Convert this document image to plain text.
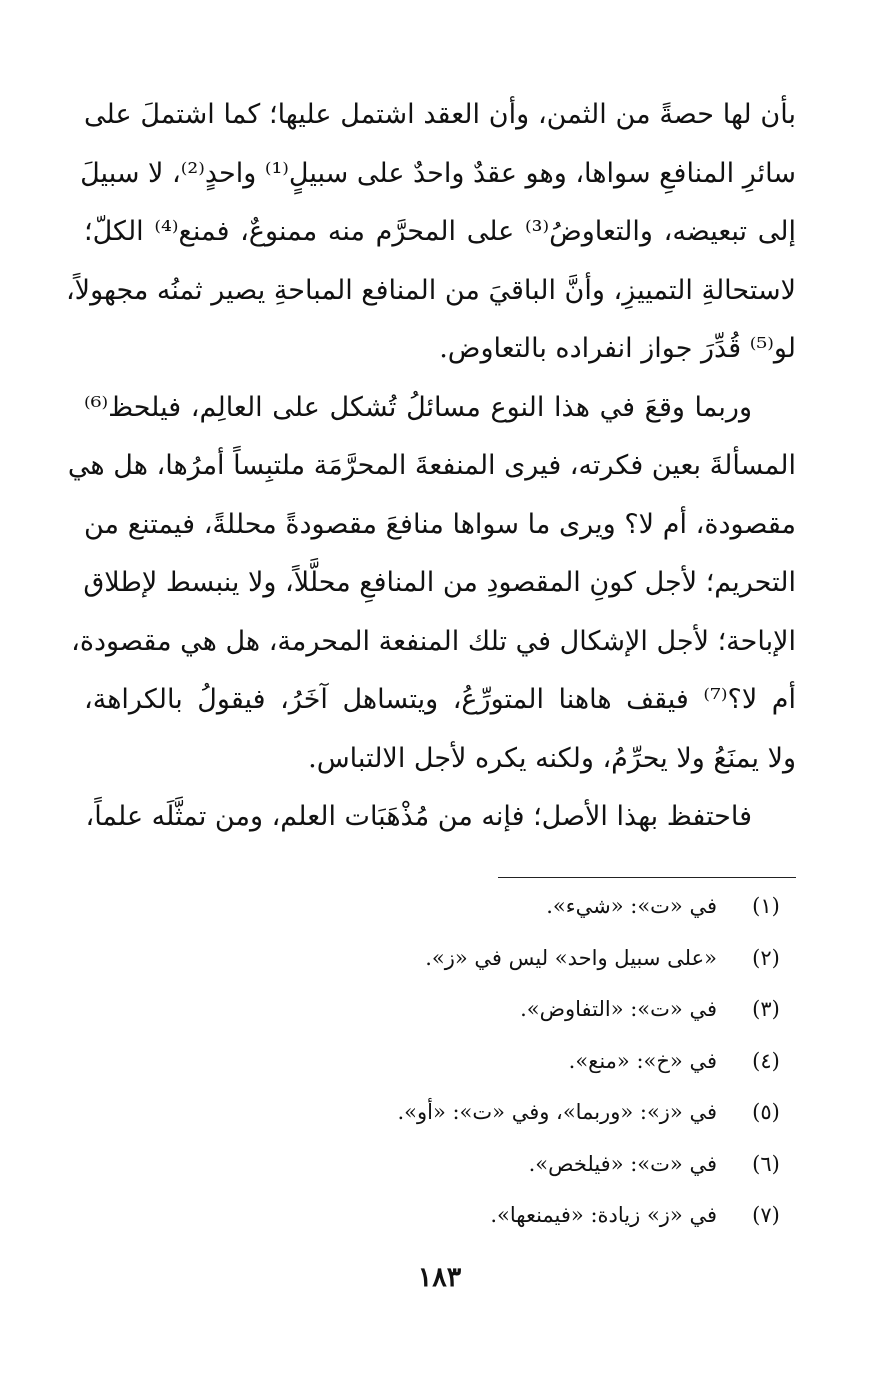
بأن لها حصةً من الثمن، وأن العقد اشتمل عليها؛ كما اشتملَ على
سائرِ المنافعِ سواها، وهو عقدٌ واحدٌ على سبيلٍ⁽¹⁾ واحدٍ⁽²⁾، لا سبيلَ
إلى تبعيضه، والتعاوضُ⁽³⁾ على المحرَّم منه ممنوعٌ، فمنع⁽⁴⁾ الكلّ؛
لاستحالةِ التمييزِ، وأنَّ الباقيَ من المنافع المباحةِ يصير ثمنُه مجهولاً،
لو⁽⁵⁾ قُدِّرَ جواز انفراده بالتعاوض.

وربما وقعَ في هذا النوع مسائلُ تُشكل على العالِم، فيلحظ⁽⁶⁾
المسألةَ بعين فكرته، فيرى المنفعةَ المحرَّمَة ملتبِساً أمرُها، هل هي
مقصودة، أم لا؟ ويرى ما سواها منافعَ مقصودةً محللةً، فيمتنع من
التحريم؛ لأجل كونِ المقصودِ من المنافعِ محلَّلاً، ولا ينبسط لإطلاق
الإباحة؛ لأجل الإشكال في تلك المنفعة المحرمة، هل هي مقصودة،
أم لا؟⁽⁷⁾ فيقف هاهنا المتورِّعُ، ويتساهل آخَرُ، فيقولُ بالكراهة،
ولا يمنَعُ ولا يحرِّمُ، ولكنه يكره لأجل الالتباس.

فاحتفظ بهذا الأصل؛ فإنه من مُذْهَبَات العلم، ومن تمثَّلَه علماً،

(١)
في «ت»: «شيء».
(٢)
«على سبيل واحد» ليس في «ز».
(٣)
في «ت»: «التفاوض».
(٤)
في «خ»: «منع».
(٥)
في «ز»: «وربما»، وفي «ت»: «أو».
(٦)
في «ت»: «فيلخص».
(٧)
في «ز» زيادة: «فيمنعها».
١٨٣
